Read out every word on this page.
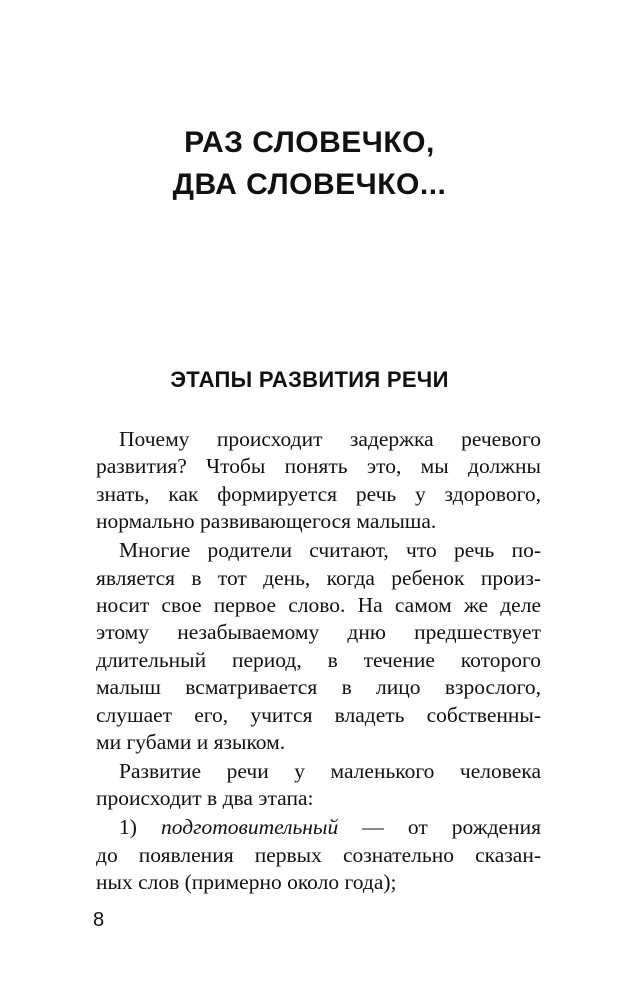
РАЗ СЛОВЕЧКО,
ДВА СЛОВЕЧКО...
ЭТАПЫ РАЗВИТИЯ РЕЧИ
Почему происходит задержка речевого
развития? Чтобы понять это, мы должны
знать, как формируется речь у здорового,
нормально развивающегося малыша.
Многие родители считают, что речь по-
является в тот день, когда ребенок произ-
носит свое первое слово. На самом же деле
этому незабываемому дню предшествует
длительный период, в течение которого
малыш всматривается в лицо взрослого,
слушает его, учится владеть собственны-
ми губами и языком.
Развитие речи у маленького человека
происходит в два этапа:
1) подготовительный — от рождения
до появления первых сознательно сказан-
ных слов (примерно около года);
8
